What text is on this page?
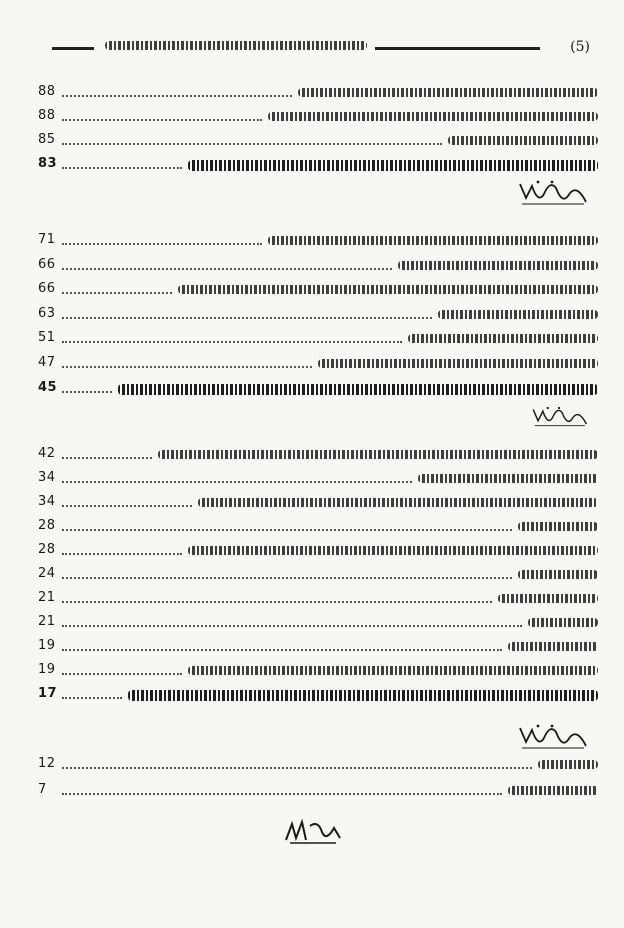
(5)
88
88
85
83
71
66
66
63
51
47
45
42
34
34
28
28
24
21
21
19
19
17
12
7
